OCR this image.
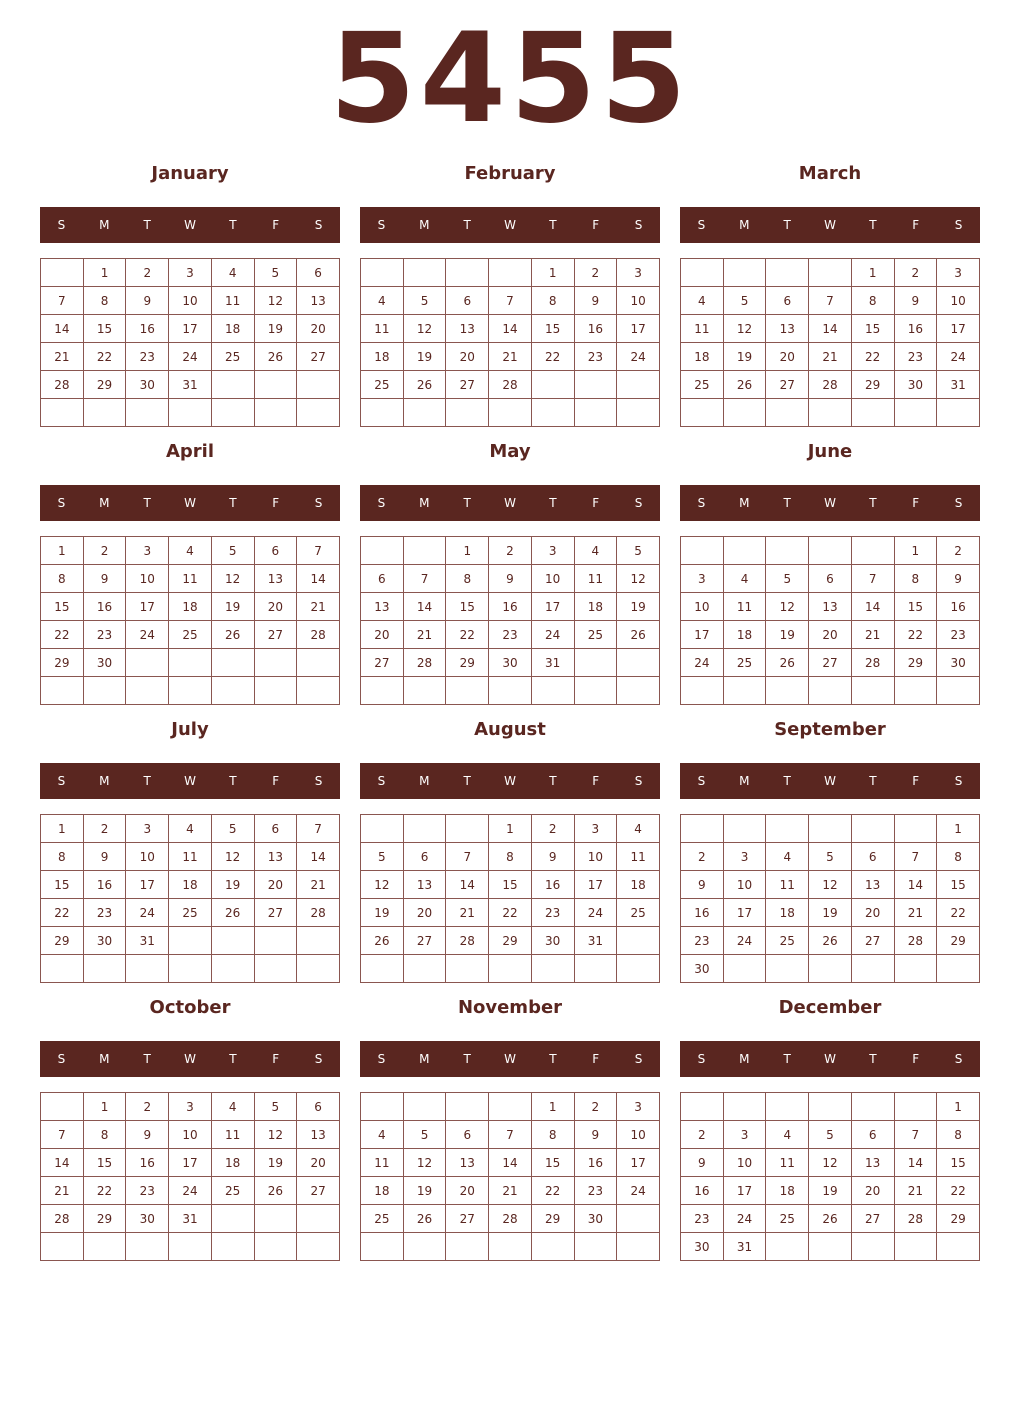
5455
January
S	M	T	W	T	F	S
	1	2	3	4	5	6
7	8	9	10	11	12	13
14	15	16	17	18	19	20
21	22	23	24	25	26	27
28	29	30	31			

February
S	M	T	W	T	F	S
				1	2	3
4	5	6	7	8	9	10
11	12	13	14	15	16	17
18	19	20	21	22	23	24
25	26	27	28			

March
S	M	T	W	T	F	S
				1	2	3
4	5	6	7	8	9	10
11	12	13	14	15	16	17
18	19	20	21	22	23	24
25	26	27	28	29	30	31

April
S	M	T	W	T	F	S
1	2	3	4	5	6	7
8	9	10	11	12	13	14
15	16	17	18	19	20	21
22	23	24	25	26	27	28
29	30					

May
S	M	T	W	T	F	S
		1	2	3	4	5
6	7	8	9	10	11	12
13	14	15	16	17	18	19
20	21	22	23	24	25	26
27	28	29	30	31		

June
S	M	T	W	T	F	S
					1	2
3	4	5	6	7	8	9
10	11	12	13	14	15	16
17	18	19	20	21	22	23
24	25	26	27	28	29	30

July
S	M	T	W	T	F	S
1	2	3	4	5	6	7
8	9	10	11	12	13	14
15	16	17	18	19	20	21
22	23	24	25	26	27	28
29	30	31				

August
S	M	T	W	T	F	S
			1	2	3	4
5	6	7	8	9	10	11
12	13	14	15	16	17	18
19	20	21	22	23	24	25
26	27	28	29	30	31	

September
S	M	T	W	T	F	S
						1
2	3	4	5	6	7	8
9	10	11	12	13	14	15
16	17	18	19	20	21	22
23	24	25	26	27	28	29
30						
October
S	M	T	W	T	F	S
	1	2	3	4	5	6
7	8	9	10	11	12	13
14	15	16	17	18	19	20
21	22	23	24	25	26	27
28	29	30	31			

November
S	M	T	W	T	F	S
				1	2	3
4	5	6	7	8	9	10
11	12	13	14	15	16	17
18	19	20	21	22	23	24
25	26	27	28	29	30	

December
S	M	T	W	T	F	S
						1
2	3	4	5	6	7	8
9	10	11	12	13	14	15
16	17	18	19	20	21	22
23	24	25	26	27	28	29
30	31					
